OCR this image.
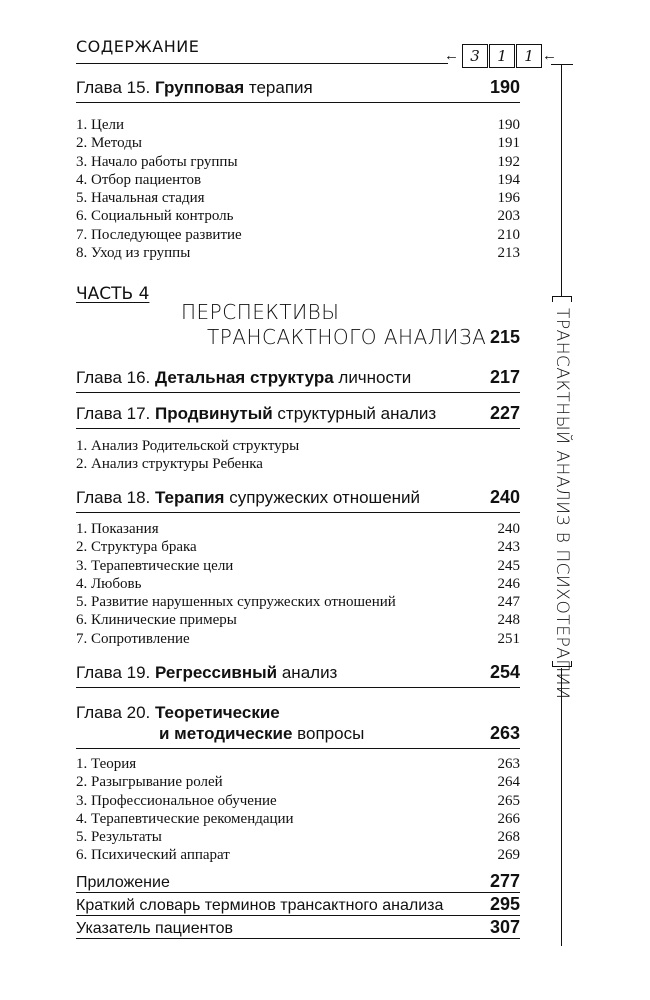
СОДЕРЖАНИЕ	← 3	1	1 ←
Глава 15. Групповая терапия	190
1. Цели	190
2. Методы	191
3. Начало работы группы	192
4. Отбор пациентов	194
5. Начальная стадия	196
6. Социальный контроль	203
7. Последующее развитие	210
8. Уход из группы	213
ЧАСТЬ 4
ПЕРСПЕКТИВЫ
ТРАНСАКТНОГО АНАЛИЗА 215
Глава 16. Детальная структура личности	217
Глава 17. Продвинутый структурный анализ	227
1. Анализ Родительской структуры
2. Анализ структуры Ребенка
Глава 18. Терапия супружеских отношений	240
1. Показания	240
2. Структура брака	243
3. Терапевтические цели	245
4. Любовь	246
5. Развитие нарушенных супружеских отношений	247
6. Клинические примеры	248
7. Сопротивление	251
Глава 19. Регрессивный анализ	254
Глава 20. Теоретические
и методические вопросы	263
1. Теория	263
2. Разыгрывание ролей	264
3. Профессиональное обучение	265
4. Терапевтические рекомендации	266
5. Результаты	268
6. Психический аппарат	269
Приложение	277
Краткий словарь терминов трансактного анализа	295
Указатель пациентов	307
ТРАНСАКТНЫЙ АНАЛИЗ В ПСИХОТЕРАПИИ
